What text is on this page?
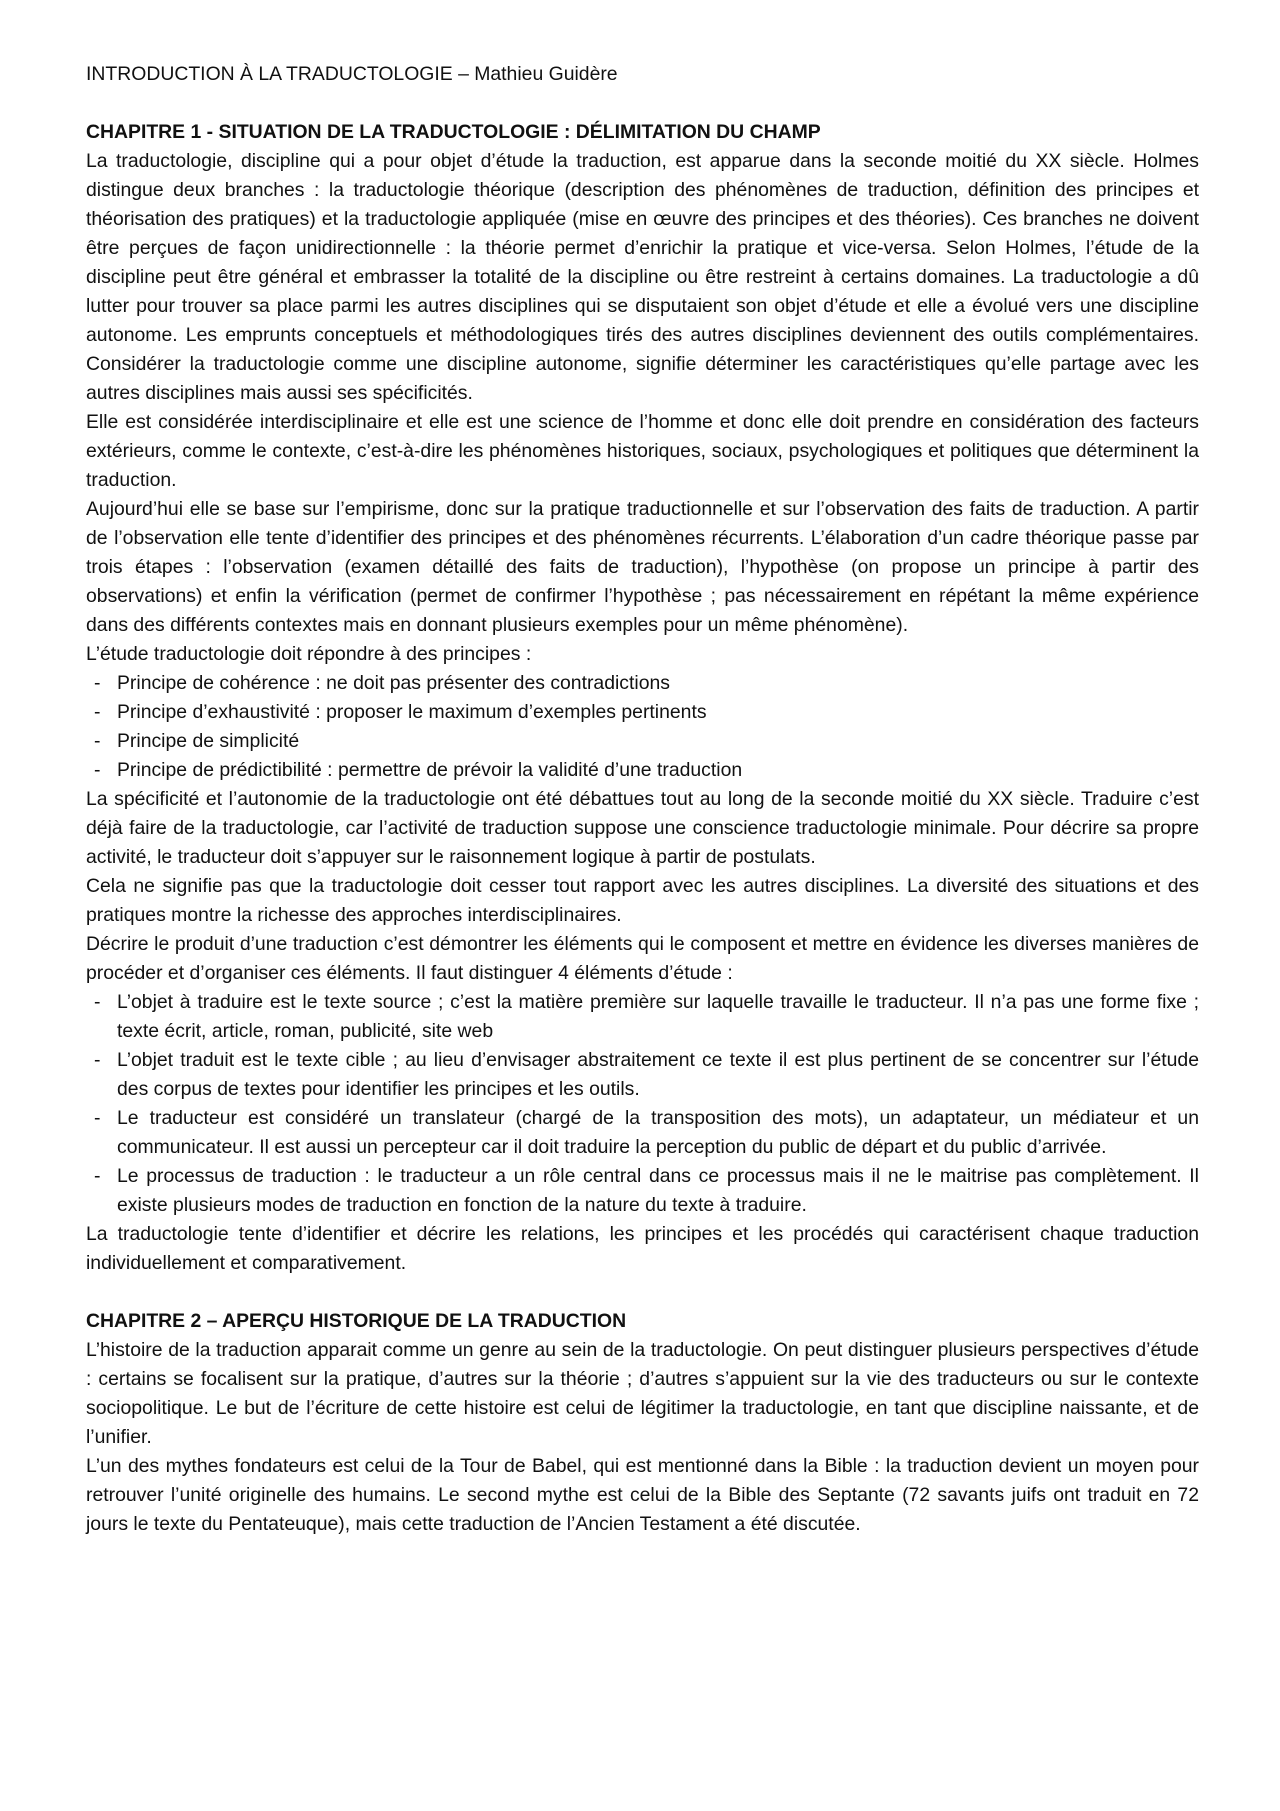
INTRODUCTION À LA TRADUCTOLOGIE – Mathieu Guidère

CHAPITRE 1 - SITUATION DE LA TRADUCTOLOGIE : DÉLIMITATION DU CHAMP

La traductologie, discipline qui a pour objet d’étude la traduction, est apparue dans la seconde moitié du XX siècle. Holmes distingue deux branches : la traductologie théorique (description des phénomènes de traduction, définition des principes et théorisation des pratiques) et la traductologie appliquée (mise en œuvre des principes et des théories). Ces branches ne doivent être perçues de façon unidirectionnelle : la théorie permet d’enrichir la pratique et vice-versa. Selon Holmes, l’étude de la discipline peut être général et embrasser la totalité de la discipline ou être restreint à certains domaines. La traductologie a dû lutter pour trouver sa place parmi les autres disciplines qui se disputaient son objet d’étude et elle a évolué vers une discipline autonome. Les emprunts conceptuels et méthodologiques tirés des autres disciplines deviennent des outils complémentaires. Considérer la traductologie comme une discipline autonome, signifie déterminer les caractéristiques qu’elle partage avec les autres disciplines mais aussi ses spécificités.

Elle est considérée interdisciplinaire et elle est une science de l’homme et donc elle doit prendre en considération des facteurs extérieurs, comme le contexte, c’est-à-dire les phénomènes historiques, sociaux, psychologiques et politiques que déterminent la traduction.

Aujourd’hui elle se base sur l’empirisme, donc sur la pratique traductionnelle et sur l’observation des faits de traduction. A partir de l’observation elle tente d’identifier des principes et des phénomènes récurrents. L’élaboration d’un cadre théorique passe par trois étapes : l’observation (examen détaillé des faits de traduction), l’hypothèse (on propose un principe à partir des observations) et enfin la vérification (permet de confirmer l’hypothèse ; pas nécessairement en répétant la même expérience dans des différents contextes mais en donnant plusieurs exemples pour un même phénomène).

L’étude traductologie doit répondre à des principes :

- Principe de cohérence : ne doit pas présenter des contradictions
- Principe d’exhaustivité : proposer le maximum d’exemples pertinents
- Principe de simplicité
- Principe de prédictibilité : permettre de prévoir la validité d’une traduction

La spécificité et l’autonomie de la traductologie ont été débattues tout au long de la seconde moitié du XX siècle. Traduire c’est déjà faire de la traductologie, car l’activité de traduction suppose une conscience traductologie minimale. Pour décrire sa propre activité, le traducteur doit s’appuyer sur le raisonnement logique à partir de postulats.

Cela ne signifie pas que la traductologie doit cesser tout rapport avec les autres disciplines. La diversité des situations et des pratiques montre la richesse des approches interdisciplinaires.

Décrire le produit d’une traduction c’est démontrer les éléments qui le composent et mettre en évidence les diverses manières de procéder et d’organiser ces éléments. Il faut distinguer 4 éléments d’étude :

- L’objet à traduire est le texte source ; c’est la matière première sur laquelle travaille le traducteur. Il n’a pas une forme fixe ; texte écrit, article, roman, publicité, site web
- L’objet traduit est le texte cible ; au lieu d’envisager abstraitement ce texte il est plus pertinent de se concentrer sur l’étude des corpus de textes pour identifier les principes et les outils.
- Le traducteur est considéré un translateur (chargé de la transposition des mots), un adaptateur, un médiateur et un communicateur. Il est aussi un percepteur car il doit traduire la perception du public de départ et du public d’arrivée.
- Le processus de traduction : le traducteur a un rôle central dans ce processus mais il ne le maitrise pas complètement. Il existe plusieurs modes de traduction en fonction de la nature du texte à traduire.

La traductologie tente d’identifier et décrire les relations, les principes et les procédés qui caractérisent chaque traduction individuellement et comparativement.

CHAPITRE 2 – APERÇU HISTORIQUE DE LA TRADUCTION

L’histoire de la traduction apparait comme un genre au sein de la traductologie. On peut distinguer plusieurs perspectives d’étude : certains se focalisent sur la pratique, d’autres sur la théorie ; d’autres s’appuient sur la vie des traducteurs ou sur le contexte sociopolitique. Le but de l’écriture de cette histoire est celui de légitimer la traductologie, en tant que discipline naissante, et de l’unifier.

L’un des mythes fondateurs est celui de la Tour de Babel, qui est mentionné dans la Bible : la traduction devient un moyen pour retrouver l’unité originelle des humains. Le second mythe est celui de la Bible des Septante (72 savants juifs ont traduit en 72 jours le texte du Pentateuque), mais cette traduction de l’Ancien Testament a été discutée.
